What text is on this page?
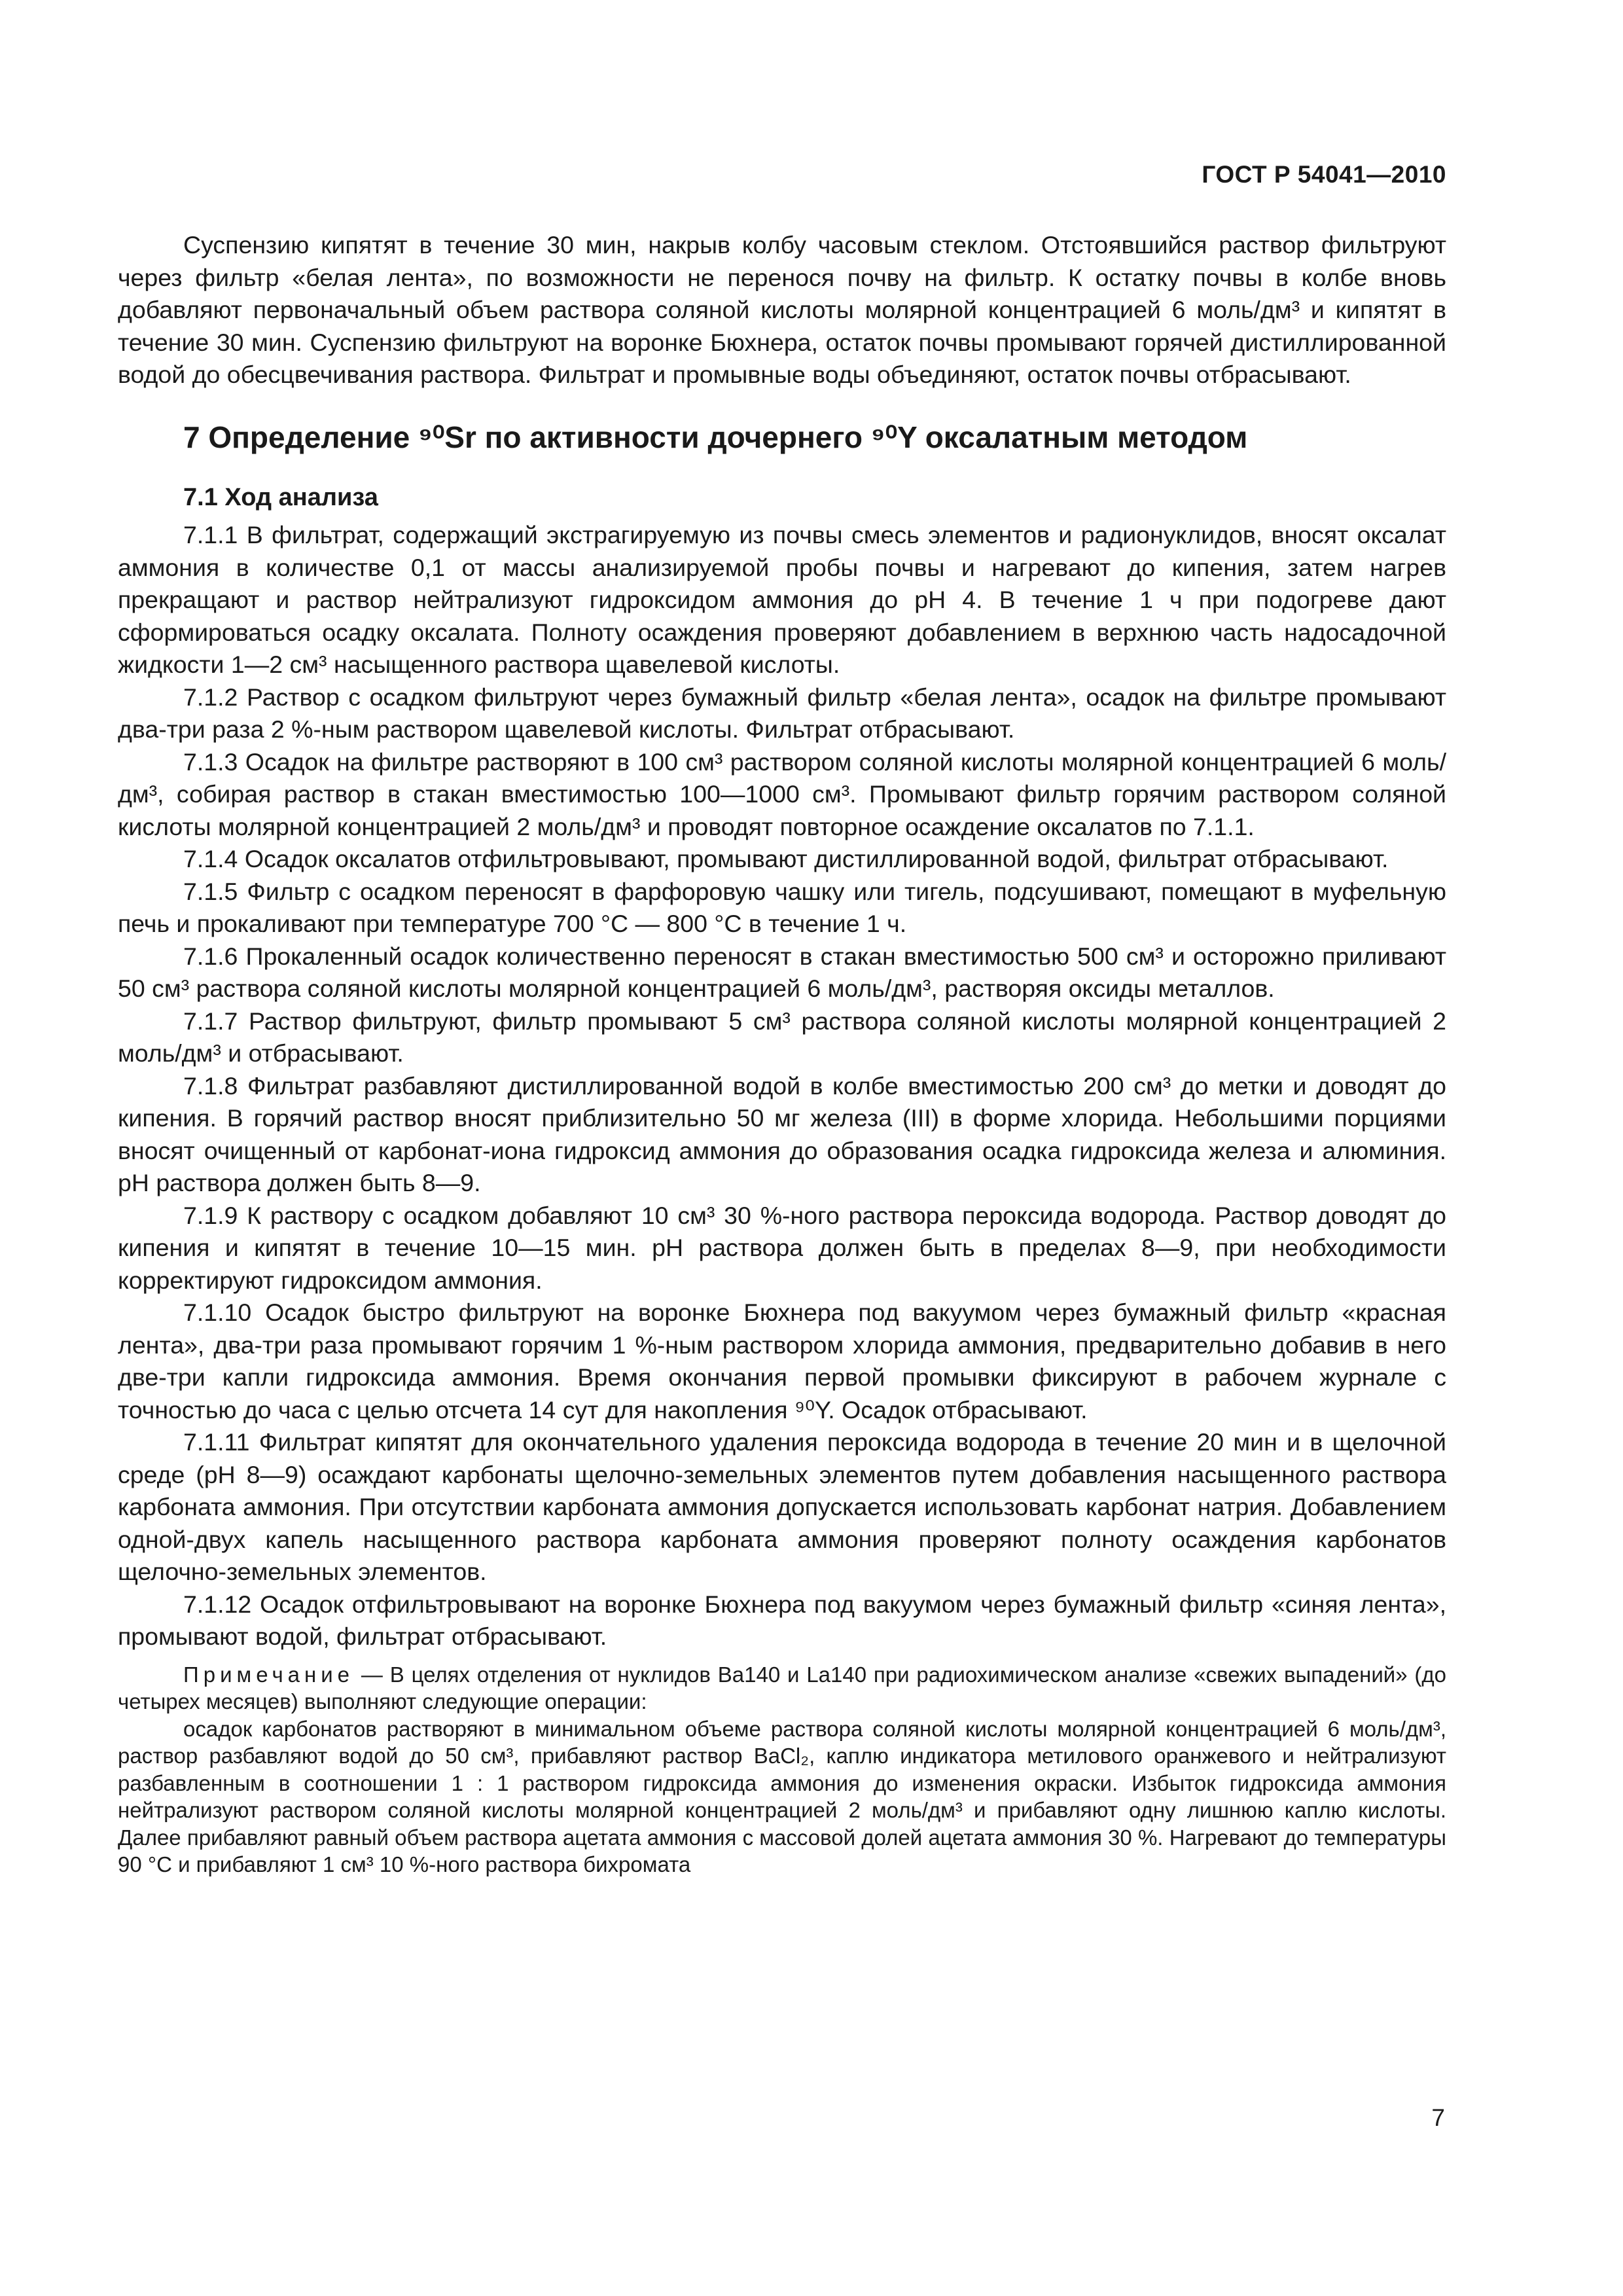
ГОСТ Р 54041—2010

Суспензию кипятят в течение 30 мин, накрыв колбу часовым стеклом. Отстоявшийся раствор фильтруют через фильтр «белая лента», по возможности не перенося почву на фильтр. К остатку почвы в колбе вновь добавляют первоначальный объем раствора соляной кислоты молярной концентрацией 6 моль/дм³ и кипятят в течение 30 мин. Суспензию фильтруют на воронке Бюхнера, остаток почвы промывают горячей дистиллированной водой до обесцвечивания раствора. Фильтрат и промывные воды объединяют, остаток почвы отбрасывают.

7 Определение ⁹⁰Sr по активности дочернего ⁹⁰Y оксалатным методом
7.1 Ход анализа

7.1.1 В фильтрат, содержащий экстрагируемую из почвы смесь элементов и радионуклидов, вносят оксалат аммония в количестве 0,1 от массы анализируемой пробы почвы и нагревают до кипения, затем нагрев прекращают и раствор нейтрализуют гидроксидом аммония до pH 4. В течение 1 ч при подогреве дают сформироваться осадку оксалата. Полноту осаждения проверяют добавлением в верхнюю часть надосадочной жидкости 1—2 см³ насыщенного раствора щавелевой кислоты.

7.1.2 Раствор с осадком фильтруют через бумажный фильтр «белая лента», осадок на фильтре промывают два-три раза 2 %-ным раствором щавелевой кислоты. Фильтрат отбрасывают.

7.1.3 Осадок на фильтре растворяют в 100 см³ раствором соляной кислоты молярной концентрацией 6 моль/дм³, собирая раствор в стакан вместимостью 100—1000 см³. Промывают фильтр горячим раствором соляной кислоты молярной концентрацией 2 моль/дм³ и проводят повторное осаждение оксалатов по 7.1.1.

7.1.4 Осадок оксалатов отфильтровывают, промывают дистиллированной водой, фильтрат отбрасывают.

7.1.5 Фильтр с осадком переносят в фарфоровую чашку или тигель, подсушивают, помещают в муфельную печь и прокаливают при температуре 700 °С — 800 °С в течение 1 ч.

7.1.6 Прокаленный осадок количественно переносят в стакан вместимостью 500 см³ и осторожно приливают 50 см³ раствора соляной кислоты молярной концентрацией 6 моль/дм³, растворяя оксиды металлов.

7.1.7 Раствор фильтруют, фильтр промывают 5 см³ раствора соляной кислоты молярной концентрацией 2 моль/дм³ и отбрасывают.

7.1.8 Фильтрат разбавляют дистиллированной водой в колбе вместимостью 200 см³ до метки и доводят до кипения. В горячий раствор вносят приблизительно 50 мг железа (III) в форме хлорида. Небольшими порциями вносят очищенный от карбонат-иона гидроксид аммония до образования осадка гидроксида железа и алюминия. pH раствора должен быть 8—9.

7.1.9 К раствору с осадком добавляют 10 см³ 30 %-ного раствора пероксида водорода. Раствор доводят до кипения и кипятят в течение 10—15 мин. pH раствора должен быть в пределах 8—9, при необходимости корректируют гидроксидом аммония.

7.1.10 Осадок быстро фильтруют на воронке Бюхнера под вакуумом через бумажный фильтр «красная лента», два-три раза промывают горячим 1 %-ным раствором хлорида аммония, предварительно добавив в него две-три капли гидроксида аммония. Время окончания первой промывки фиксируют в рабочем журнале с точностью до часа с целью отсчета 14 сут для накопления ⁹⁰Y. Осадок отбрасывают.

7.1.11 Фильтрат кипятят для окончательного удаления пероксида водорода в течение 20 мин и в щелочной среде (pH 8—9) осаждают карбонаты щелочно-земельных элементов путем добавления насыщенного раствора карбоната аммония. При отсутствии карбоната аммония допускается использовать карбонат натрия. Добавлением одной-двух капель насыщенного раствора карбоната аммония проверяют полноту осаждения карбонатов щелочно-земельных элементов.

7.1.12 Осадок отфильтровывают на воронке Бюхнера под вакуумом через бумажный фильтр «синяя лента», промывают водой, фильтрат отбрасывают.

Примечание — В целях отделения от нуклидов Ва140 и La140 при радиохимическом анализе «свежих выпадений» (до четырех месяцев) выполняют следующие операции:

осадок карбонатов растворяют в минимальном объеме раствора соляной кислоты молярной концентрацией 6 моль/дм³, раствор разбавляют водой до 50 см³, прибавляют раствор ВаCl₂, каплю индикатора метилового оранжевого и нейтрализуют разбавленным в соотношении 1 : 1 раствором гидроксида аммония до изменения окраски. Избыток гидроксида аммония нейтрализуют раствором соляной кислоты молярной концентрацией 2 моль/дм³ и прибавляют одну лишнюю каплю кислоты. Далее прибавляют равный объем раствора ацетата аммония с массовой долей ацетата аммония 30 %. Нагревают до температуры 90 °С и прибавляют 1 см³ 10 %-ного раствора бихромата

7
